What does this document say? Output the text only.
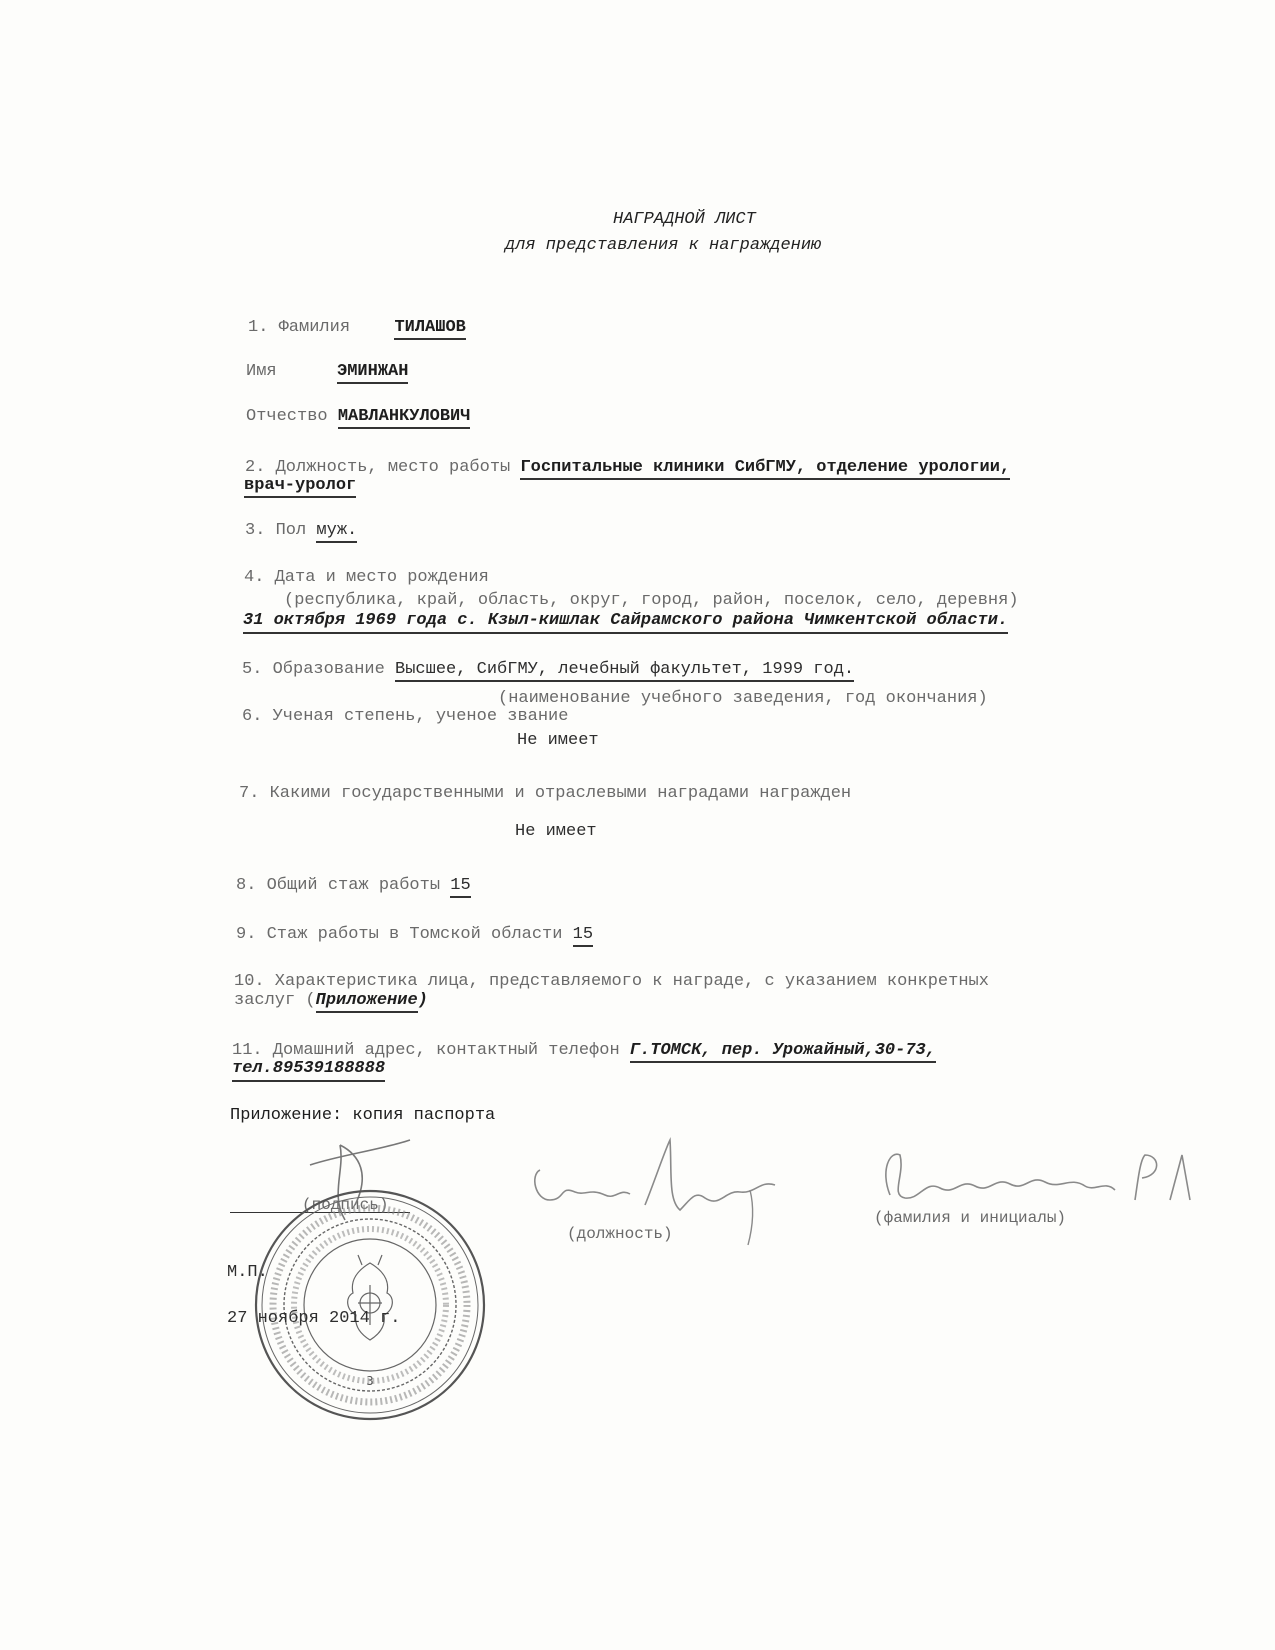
НАГРАДНОЙ ЛИСТ
для представления к награждению
1. Фамилия	ТИЛАШОВ
Имя	ЭМИНЖАН
Отчество МАВЛАНКУЛОВИЧ
2. Должность, место работы Госпитальные клиники СибГМУ, отделение урологии,
врач-уролог
3. Пол муж.
4. Дата и место рождения
(республика, край, область, округ, город, район, поселок, село, деревня)
31 октября 1969 года с. Кзыл-кишлак Сайрамского района Чимкентской области.
5. Образование Высшее, СибГМУ, лечебный факультет, 1999 год.
(наименование учебного заведения, год окончания)
6. Ученая степень, ученое звание
Не имеет
7. Какими государственными и отраслевыми наградами награжден
Не имеет
8. Общий стаж работы 15
9. Стаж работы в Томской области 15
10. Характеристика лица, представляемого к награде, с указанием конкретных
заслуг (Приложение)
11. Домашний адрес, контактный телефон Г.ТОМСК, пер. Урожайный,30-73,
тел.89539188888
Приложение: копия паспорта
(подпись)
(должность)
(фамилия и инициалы)
3
М.П.
27 ноября 2014 г.
